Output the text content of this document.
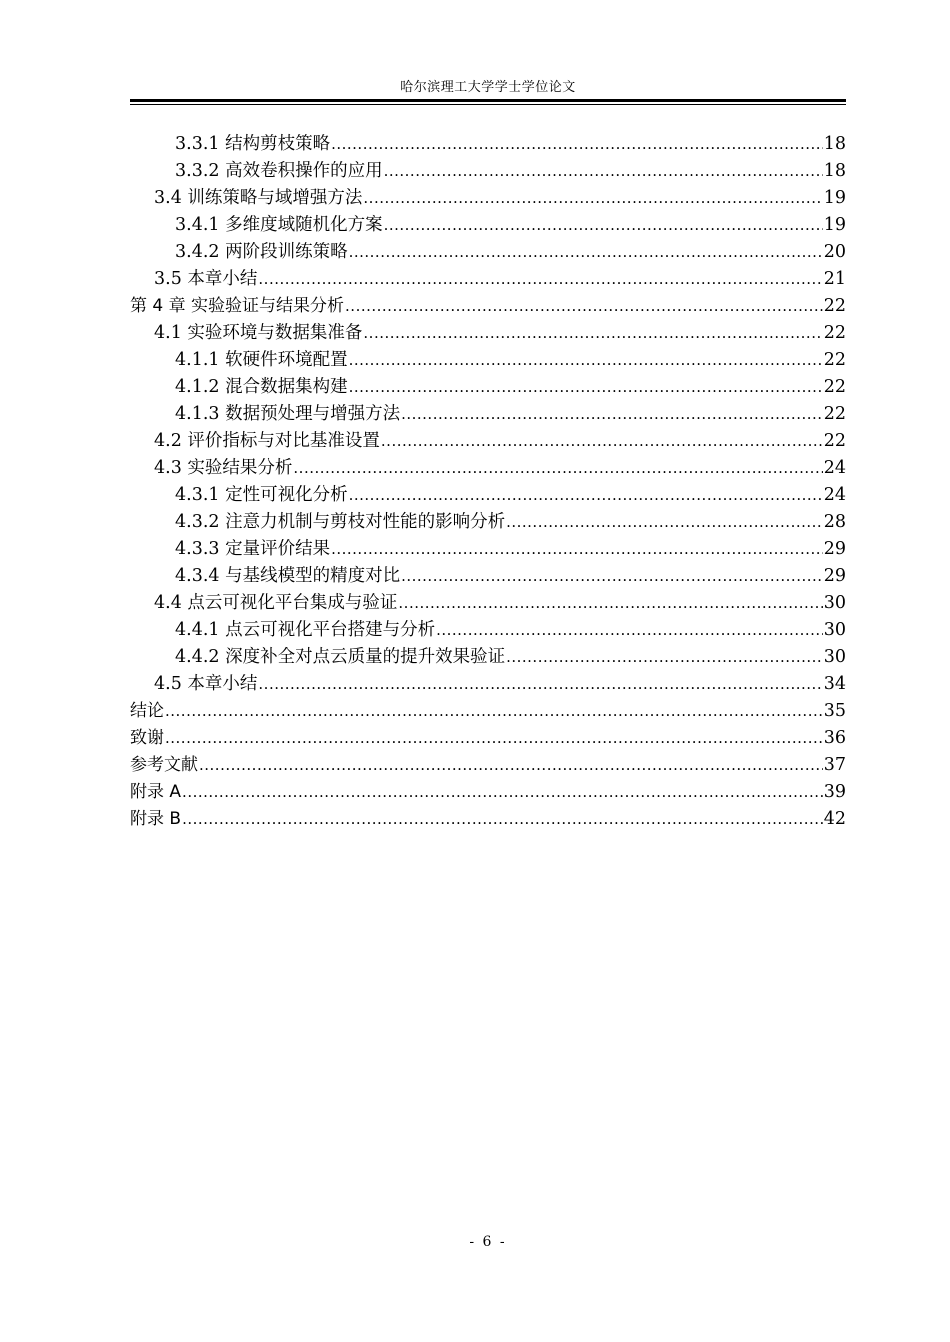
哈尔滨理工大学学士学位论文
3.3.1 结构剪枝策略 .....	18
3.3.2 高效卷积操作的应用 .....	18
3.4 训练策略与域增强方法 .....	19
3.4.1 多维度域随机化方案 .....	19
3.4.2 两阶段训练策略 .....	20
3.5 本章小结 .....	21
第 4 章 实验验证与结果分析 .....	22
4.1 实验环境与数据集准备 .....	22
4.1.1 软硬件环境配置 .....	22
4.1.2 混合数据集构建 .....	22
4.1.3 数据预处理与增强方法 .....	22
4.2 评价指标与对比基准设置 .....	22
4.3 实验结果分析 .....	24
4.3.1 定性可视化分析 .....	24
4.3.2 注意力机制与剪枝对性能的影响分析 .....	28
4.3.3 定量评价结果 .....	29
4.3.4 与基线模型的精度对比 .....	29
4.4 点云可视化平台集成与验证 .....	30
4.4.1 点云可视化平台搭建与分析 .....	30
4.4.2 深度补全对点云质量的提升效果验证 .....	30
4.5 本章小结 .....	34
结论 .....	35
致谢 .....	36
参考文献 .....	37
附录 A .....	39
附录 B .....	42
- 6 -
